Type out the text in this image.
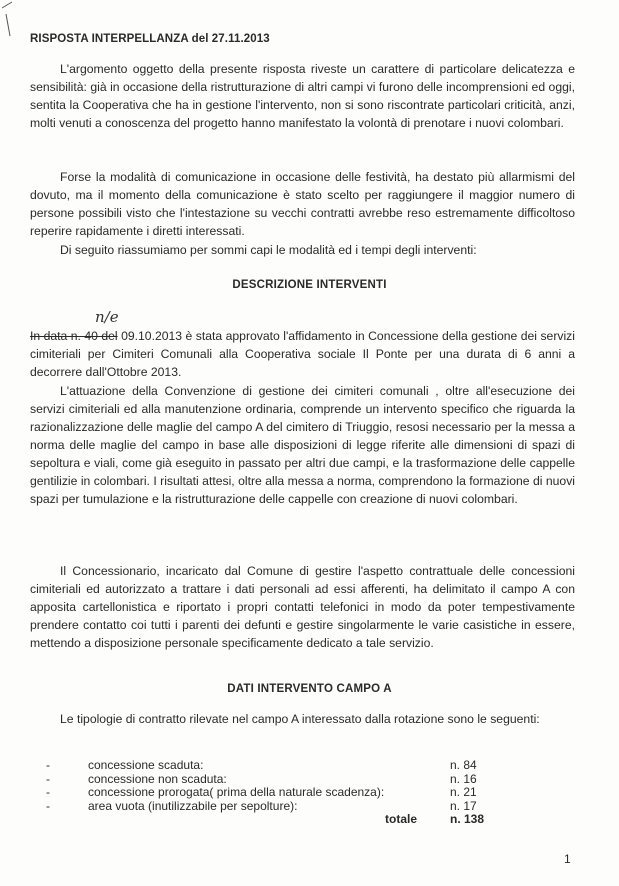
RISPOSTA INTERPELLANZA del 27.11.2013

L'argomento oggetto della presente risposta riveste un carattere di particolare delicatezza e sensibilità: già in occasione della ristrutturazione di altri campi vi furono delle incomprensioni ed oggi, sentita la Cooperativa che ha in gestione l'intervento, non si sono riscontrate particolari criticità, anzi, molti venuti a conoscenza del progetto hanno manifestato la volontà di prenotare i nuovi colombari.

Forse la modalità di comunicazione in occasione delle festività, ha destato più allarmismi del dovuto, ma il momento della comunicazione è stato scelto per raggiungere il maggior numero di persone possibili visto che l'intestazione su vecchi contratti avrebbe reso estremamente difficoltoso reperire rapidamente i diretti interessati.

Di seguito riassumiamo per sommi capi le modalità ed i tempi degli interventi:

DESCRIZIONE INTERVENTI
n/e

In data n. 40 del 09.10.2013 è stata approvato l'affidamento in Concessione della gestione dei servizi cimiteriali per Cimiteri Comunali alla Cooperativa sociale Il Ponte per una durata di 6 anni a decorrere dall'Ottobre 2013.

L'attuazione della Convenzione di gestione dei cimiteri comunali , oltre all'esecuzione dei servizi cimiteriali ed alla manutenzione ordinaria, comprende un intervento specifico che riguarda la razionalizzazione delle maglie del campo A del cimitero di Triuggio, resosi necessario per la messa a norma delle maglie del campo in base alle disposizioni di legge riferite alle dimensioni di spazi di sepoltura e viali, come già eseguito in passato per altri due campi, e la trasformazione delle cappelle gentilizie in colombari. I risultati attesi, oltre alla messa a norma, comprendono la formazione di nuovi spazi per tumulazione e la ristrutturazione delle cappelle con creazione di nuovi colombari.

Il Concessionario, incaricato dal Comune di gestire l'aspetto contrattuale delle concessioni cimiteriali ed autorizzato a trattare i dati personali ad essi afferenti, ha delimitato il campo A con apposita cartellonistica e riportato i propri contatti telefonici in modo da poter tempestivamente prendere contatto coi tutti i parenti dei defunti e gestire singolarmente le varie casistiche in essere, mettendo a disposizione personale specificamente dedicato a tale servizio.

DATI INTERVENTO CAMPO A

Le tipologie di contratto rilevate nel campo A interessato dalla rotazione sono le seguenti:

-	concessione scaduta:	n. 84
-	concessione non scaduta:	n. 16
-	concessione prorogata( prima della naturale scadenza):	n. 21
-	area vuota (inutilizzabile per sepolture):	n. 17
totale	n. 138
1
